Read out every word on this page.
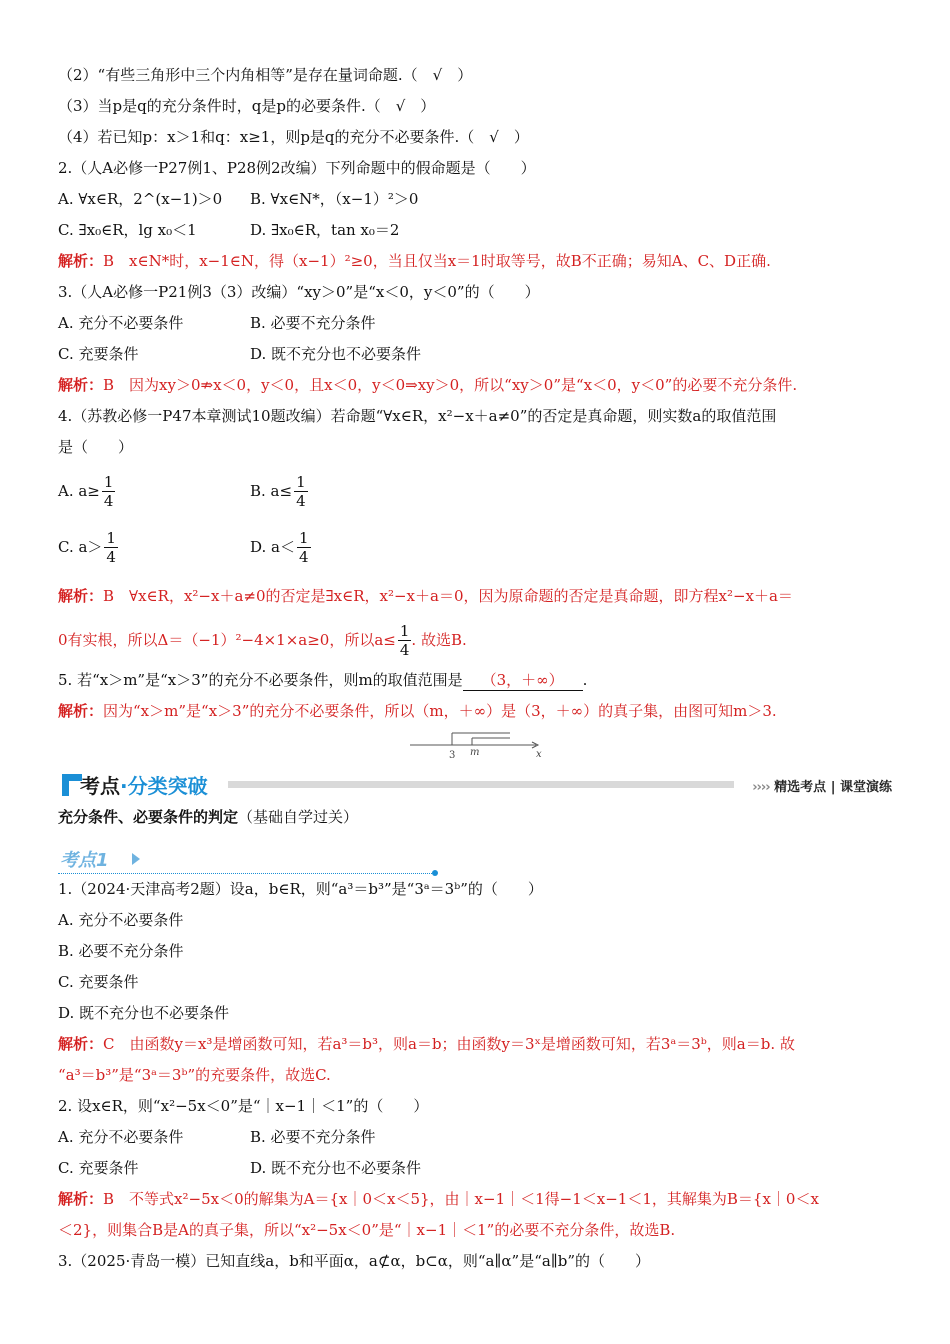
（2）“有些三角形中三个内角相等”是存在量词命题.（　√　）
（3）当p是q的充分条件时，q是p的必要条件.（　√　）
（4）若已知p：x＞1和q：x≥1，则p是q的充分不必要条件.（　√　）
2.（人A必修一P27例1、P28例2改编）下列命题中的假命题是（　　）
A. ∀x∈R，2^(x−1)＞0	B. ∀x∈N*，（x−1）²＞0
C. ∃x₀∈R，lg x₀＜1	D. ∃x₀∈R，tan x₀＝2
解析：B　x∈N*时，x−1∈N，得（x−1）²≥0，当且仅当x＝1时取等号，故B不正确；易知A、C、D正确.
3.（人A必修一P21例3（3）改编）“xy＞0”是“x＜0，y＜0”的（　　）
A. 充分不必要条件	B. 必要不充分条件
C. 充要条件	D. 既不充分也不必要条件
解析：B　因为xy＞0⇏x＜0，y＜0，且x＜0，y＜0⇒xy＞0，所以“xy＞0”是“x＜0，y＜0”的必要不充分条件.
4.（苏教必修一P47本章测试10题改编）若命题“∀x∈R，x²−x＋a≠0”的否定是真命题，则实数a的取值范围
是（　　）
A. $a\ge \frac{1}{4}$	B. $a\le \frac{1}{4}$
C. $a> \frac{1}{4}$	D. $a< \frac{1}{4}$
解析：B　∀x∈R，x²−x＋a≠0的否定是∃x∈R，x²−x＋a＝0，因为原命题的否定是真命题，即方程x²−x＋a＝
0有实根，所以Δ＝（−1）²−4×1×a≥0，所以$a\le \frac{1}{4}$ . 故选B.
5. 若“x＞m”是“x＞3”的充分不必要条件，则m的取值范围是 （3，＋∞） .
解析：因为“x＞m”是“x＞3”的充分不必要条件，所以（m，＋∞）是（3，＋∞）的真子集，由图可知m＞3.
3 m	x
考点·分类突破	›››› 精选考点 | 课堂演练
充分条件、必要条件的判定（基础自学过关）
考点1
1.（2024·天津高考2题）设a，b∈R，则“a³＝b³”是“3ᵃ＝3ᵇ”的（　　）
A. 充分不必要条件
B. 必要不充分条件
C. 充要条件
D. 既不充分也不必要条件
解析：C　由函数y＝x³是增函数可知，若a³＝b³，则a＝b；由函数y＝3ˣ是增函数可知，若3ᵃ＝3ᵇ，则a＝b. 故
“a³＝b³”是“3ᵃ＝3ᵇ”的充要条件，故选C.
2. 设x∈R，则“x²−5x＜0”是“｜x−1｜＜1”的（　　）
A. 充分不必要条件	B. 必要不充分条件
C. 充要条件	D. 既不充分也不必要条件
解析：B　不等式x²−5x＜0的解集为A＝{x｜0＜x＜5}，由｜x−1｜＜1得−1＜x−1＜1，其解集为B＝{x｜0＜x
＜2}，则集合B是A的真子集，所以“x²−5x＜0”是“｜x−1｜＜1”的必要不充分条件，故选B.
3.（2025·青岛一模）已知直线a，b和平面α，a⊄α，b⊂α，则“a∥α”是“a∥b”的（　　）
